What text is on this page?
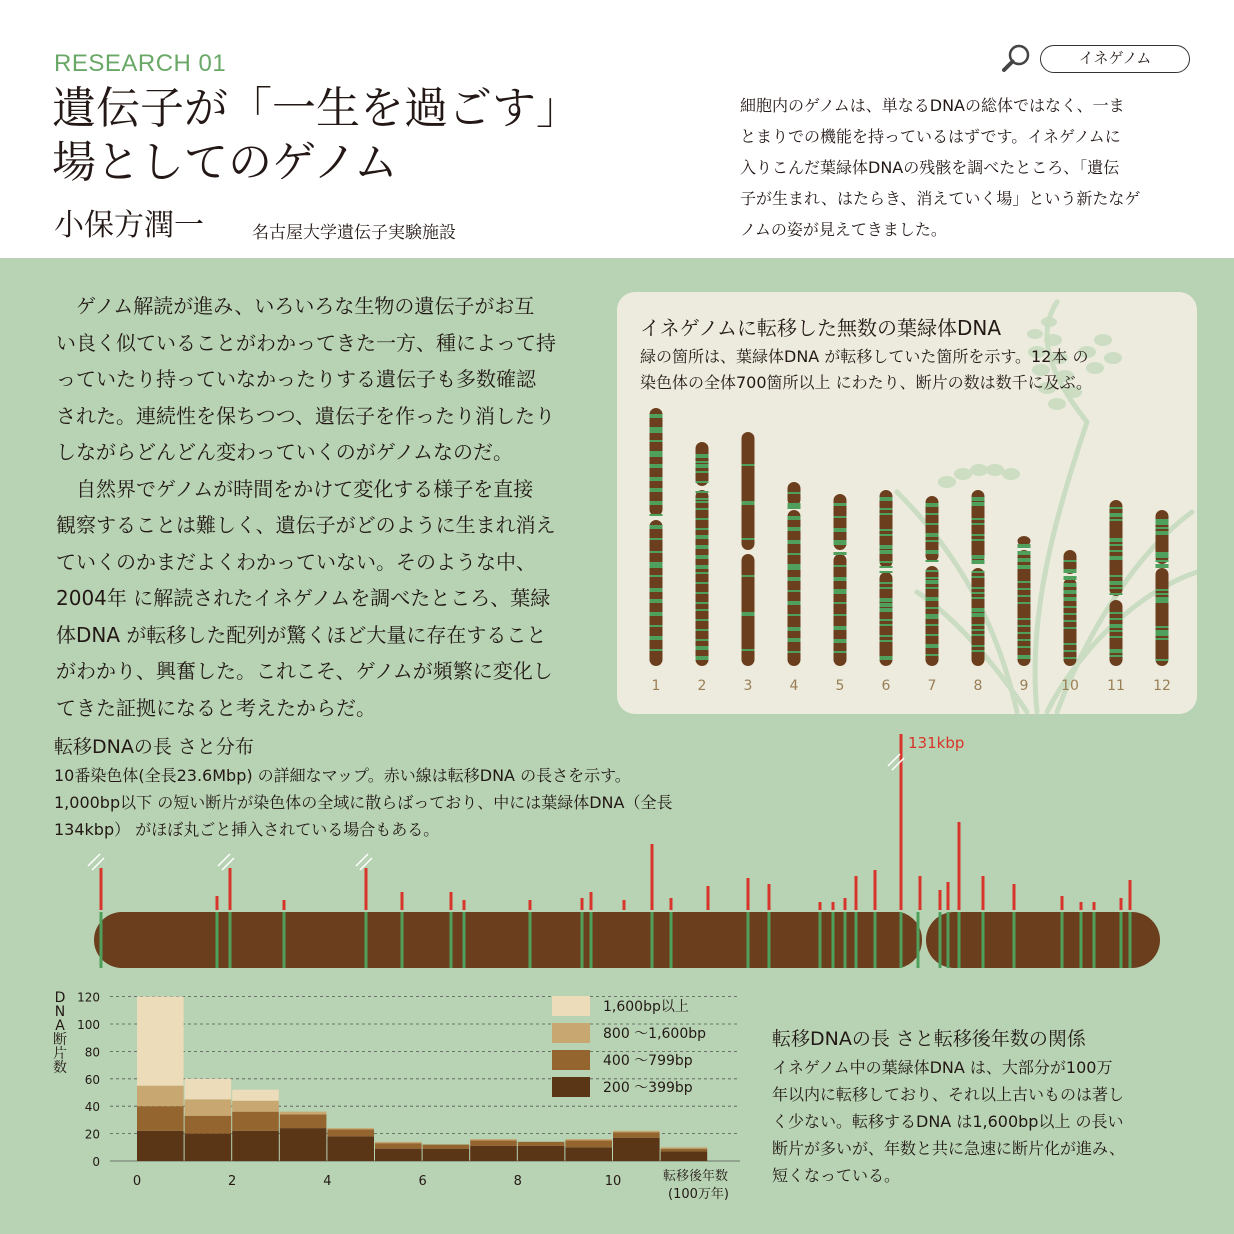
RESEARCH 01
遺伝子が「一生を過ごす」
場としてのゲノム
小保方潤一	名古屋大学遺伝子実験施設
イネゲノム
細胞内のゲノムは、単なるDNAの総体ではなく、一ま
とまりでの機能を持っているはずです。イネゲノムに
入りこんだ葉緑体DNAの残骸を調べたところ、「遺伝
子が生まれ、はたらき、消えていく場」という新たなゲ
ノムの姿が見えてきました。
ゲノム解読が進み、いろいろな生物の遺伝子がお互
い良く似ていることがわかってきた一方、種によって持
っていたり持っていなかったりする遺伝子も多数確認
された。連続性を保ちつつ、遺伝子を作ったり消したり
しながらどんどん変わっていくのがゲノムなのだ。
自然界でゲノムが時間をかけて変化する様子を直接
観察することは難しく、遺伝子がどのように生まれ消え
ていくのかまだよくわかっていない。そのような中、
2004年 に解読されたイネゲノムを調べたところ、葉緑
体DNA が転移した配列が驚くほど大量に存在すること
がわかり、興奮した。これこそ、ゲノムが頻繁に変化し
てきた証拠になると考えたからだ。
イネゲノムに転移した無数の葉緑体DNA
緑の箇所は、葉緑体DNA が転移していた箇所を示す。12本 の
染色体の全体700箇所以上 にわたり、断片の数は数千に及ぶ。
1	2	3	4	5	6	7	8	9 10 11 12
転移DNAの長 さと分布
10番染色体(全長23.6Mbp) の詳細なマップ。赤い線は転移DNA の長さを示す。
1,000bp以下 の短い断片が染色体の全域に散らばっており、中には葉緑体DNA（全長
134kbp） がほぼ丸ごと挿入されている場合もある。
131kbp
転移DNAの長 さと転移後年数の関係
イネゲノム中の葉緑体DNA は、大部分が100万
年以内に転移しており、それ以上古いものは著し
く少ない。転移するDNA は1,600bp以上 の長い
断片が多いが、年数と共に急速に断片化が進み、
短くなっている。
D N A 断片数
0
20
40
60
80
100
120
0	2	4	6	8	10	転移後年数
(100万年)
1,600bp以上
800 〜1,600bp
400 〜799bp
200 〜399bp
